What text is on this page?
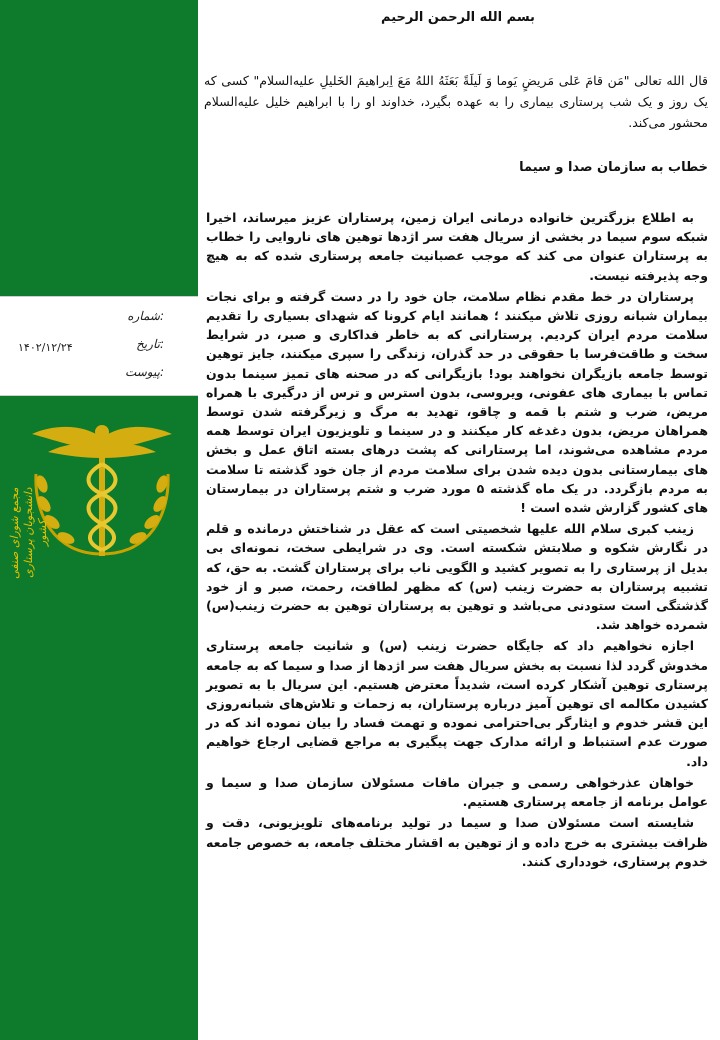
شماره:
تاریخ:
۱۴۰۲/۱۲/۲۴
پیوست:
مجمع شورای صنفی دانشجویان پرستاری کشور
بسم الله الرحمن الرحیم
قال الله تعالی "مَن قامَ عَلی مَریضٍ یَوما وَ لَیلَةً بَعَثَهُ اللهُ مَعَ اِبراهیمَ الخَلیلِ علیه‌السلام" کسی که یک روز و یک شب پرستاری بیماری را به عهده بگیرد، خداوند او را با ابراهیم خلیل علیه‌السلام محشور می‌کند.
خطاب به سازمان صدا و سیما

به اطلاع بزرگترین خانواده درمانی ایران زمین، پرستاران عزیز میرساند، اخیرا شبکه سوم سیما در بخشی از سریال هفت سر اژدها توهین های ناروایی را خطاب به پرستاران عنوان می کند که موجب عصبانیت جامعه پرستاری شده که به هیچ وجه پذیرفته نیست.

پرستاران در خط مقدم نظام سلامت، جان خود را در دست گرفته و برای نجات بیماران شبانه روزی تلاش میکنند ؛ همانند ایام کرونا که شهدای بسیاری را تقدیم سلامت مردم ایران کردیم. پرستارانی که به خاطر فداکاری و صبر، در شرایط سخت و طاقت‌فرسا با حقوقی در حد گذران، زندگی را سپری میکنند، جایز توهین توسط جامعه بازیگران نخواهند بود! بازیگرانی که در صحنه های تمیز سینما بدون تماس با بیماری های عفونی، ویروسی، بدون استرس و ترس از درگیری با همراه مریض، ضرب و شتم با قمه و چاقو، تهدید به مرگ و زیرگرفته شدن توسط همراهان مریض، بدون دغدغه کار میکنند و در سینما و تلویزیون ایران توسط همه مردم مشاهده می‌شوند، اما پرستارانی که پشت درهای بسته اتاق عمل و بخش های بیمارستانی بدون دیده شدن برای سلامت مردم از جان خود گذشته تا سلامت به مردم بازگردد. در یک ماه گذشته ۵ مورد ضرب و شتم پرستاران در بیمارستان های کشور گزارش شده است !

زینب کبری سلام الله علیها شخصیتی است که عقل در شناختش درمانده و قلم در نگارش شکوه و صلابتش شکسته است. وی در شرایطی سخت، نمونه‌ای بی بدیل از پرستاری را به تصویر کشید و الگویی ناب برای پرستاران گشت. به حق، که تشبیه پرستاران به حضرت زینب (س) که مظهر لطافت، رحمت، صبر و از خود گذشتگی است ستودنی می‌باشد و توهین به پرستاران توهین به حضرت زینب(س) شمرده خواهد شد.

اجازه نخواهیم داد که جایگاه حضرت زینب (س) و شانیت جامعه پرستاری مخدوش گردد لذا نسبت به بخش سریال هفت سر اژدها از صدا و سیما که به جامعه پرستاری توهین آشکار کرده است، شدیداً معترض هستیم. این سریال با به تصویر کشیدن مکالمه ای توهین آمیز درباره پرستاران، به زحمات و تلاش‌های شبانه‌روزی این قشر خدوم و ایثارگر بی‌احترامی نموده و تهمت فساد را بیان نموده اند که در صورت عدم استنباط و ارائه مدارک جهت پیگیری به مراجع قضایی ارجاع خواهیم داد.

خواهان عذرخواهی رسمی و جبران مافات مسئولان سازمان صدا و سیما و عوامل برنامه از جامعه پرستاری هستیم.

شایسته است مسئولان صدا و سیما در تولید برنامه‌های تلویزیونی، دقت و ظرافت بیشتری به خرج داده و از توهین به اقشار مختلف جامعه، به خصوص جامعه خدوم پرستاری، خودداری کنند.
